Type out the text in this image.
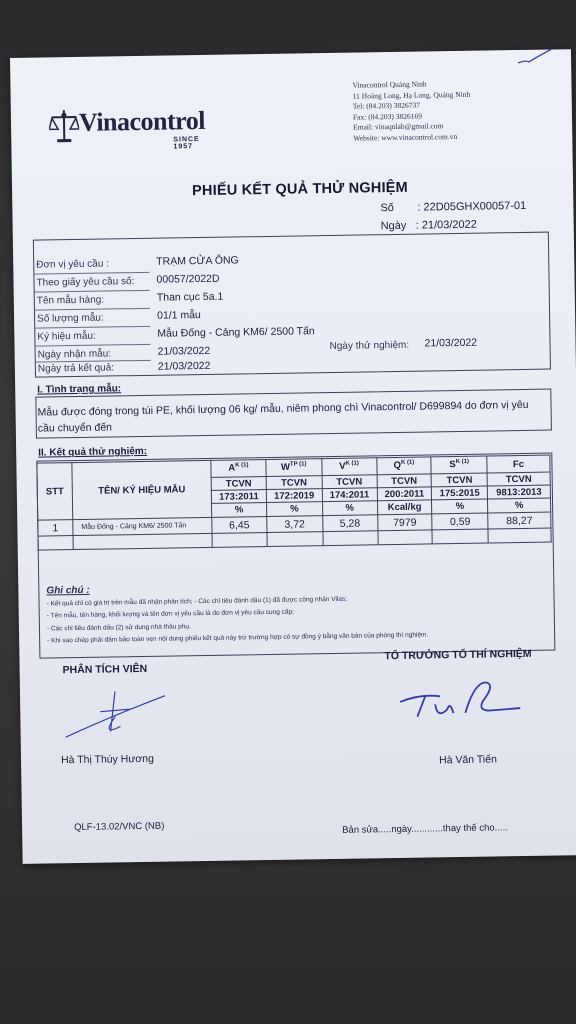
Vinacontrol
SINCE 1957
Vinacontrol Quảng Ninh
11 Hoàng Long, Hạ Long, Quảng Ninh
Tel: (84.203) 3826737
Fax: (84.203) 3826169
Email: vinaqnlab@gmail.com
Website: www.vinacontrol.com.vn
PHIẾU KẾT QUẢ THỬ NGHIỆM
Số : 22D05GHX00057-01
Ngày : 21/03/2022
Đơn vị yêu cầu :	TRẠM CỬA ÔNG
Theo giấy yêu cầu số: 00057/2022D
Tên mẫu hàng:	Than cục 5a.1
Số lượng mẫu:	01/1 mẫu
Ký hiệu mẫu:	Mẫu Đống - Cảng KM6/ 2500 Tấn
Ngày nhận mẫu:	21/03/2022	Ngày thử nghiệm: 21/03/2022
Ngày trả kết quả:	21/03/2022
I. Tình trạng mẫu:
Mẫu được đóng trong túi PE, khối lượng 06 kg/ mẫu, niêm phong chì Vinacontrol/ D699894 do đơn vị yêu cầu chuyển đến
II. Kết quả thử nghiệm:
STT	TÊN/ KÝ HIỆU MẪU	$A^{K (1)}$	$W^{TP (1)}$	$V^{K (1)}$	$Q^{K (1)}$	$S^{K (1)}$	Fc
		TCVN	TCVN	TCVN	TCVN	TCVN	TCVN
		173:2011	172:2019	174:2011	200:2011	175:2015	9813:2013
		%	%	%	Kcal/kg	%	%
1	Mẫu Đống - Cảng KM6/ 2500 Tấn	6,45	3,72	5,28	7979	0,59	88,27

Ghi chú :
- Kết quả chỉ có giá trị trên mẫu đã nhận phân tích; - Các chỉ tiêu đánh dấu (1) đã được công nhận Vilas;
- Tên mẫu, tên hàng, khối lượng và tên đơn vị yêu cầu là do đơn vị yêu cầu cung cấp;
- Các chỉ tiêu đánh dấu (2) sử dụng nhà thầu phụ.
- Khi sao chép phải đảm bảo toàn vẹn nội dung phiếu kết quả này trừ trường hợp có sự đồng ý bằng văn bản của phòng thí nghiệm.
PHÂN TÍCH VIÊN
TỔ TRƯỞNG TỔ THÍ NGHIỆM
Hà Thị Thúy Hương	Hà Văn Tiến
QLF-13.02/VNC (NB)	Bản sửa.....ngày............thay thế cho.....
